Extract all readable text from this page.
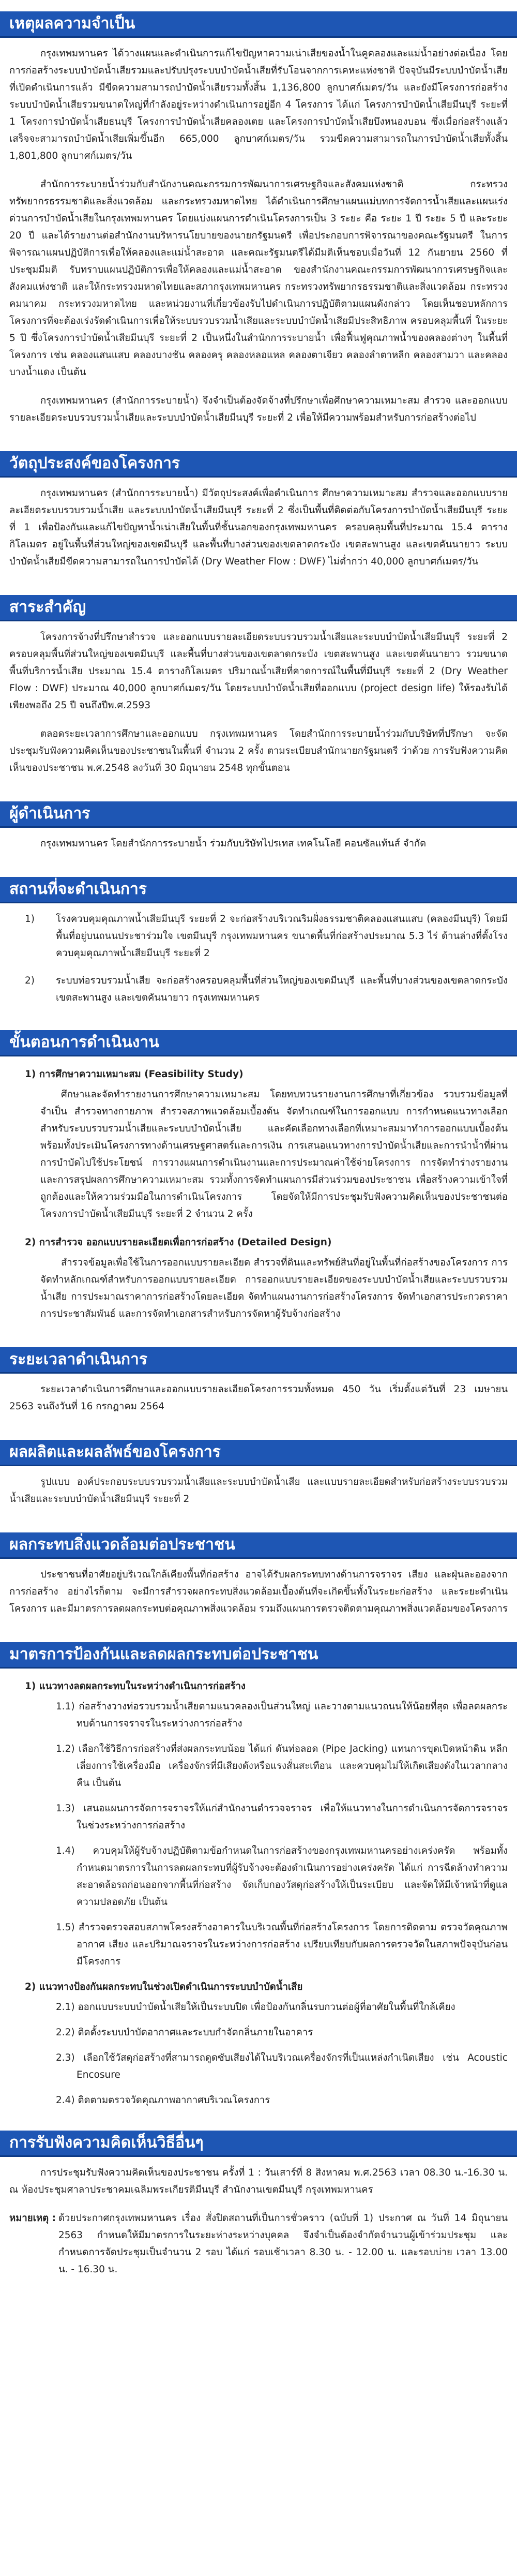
เหตุผลความจำเป็น

กรุงเทพมหานคร ได้วางแผนและดำเนินการแก้ไขปัญหาความเน่าเสียของน้ำในคูคลองและแม่น้ำอย่างต่อเนื่อง โดยการก่อสร้างระบบบำบัดน้ำเสียรวมและปรับปรุงระบบบำบัดน้ำเสียที่รับโอนจากการเคหะแห่งชาติ ปัจจุบันมีระบบบำบัดน้ำเสียที่เปิดดำเนินการแล้ว มีขีดความสามารถบำบัดน้ำเสียรวมทั้งสิ้น 1,136,800 ลูกบาศก์เมตร/วัน และยังมีโครงการก่อสร้างระบบบำบัดน้ำเสียรวมขนาดใหญ่ที่กำลังอยู่ระหว่างดำเนินการอยู่อีก 4 โครงการ ได้แก่ โครงการบำบัดน้ำเสียมีนบุรี ระยะที่ 1 โครงการบำบัดน้ำเสียธนบุรี โครงการบำบัดน้ำเสียคลองเตย และโครงการบำบัดน้ำเสียบึงหนองบอน ซึ่งเมื่อก่อสร้างแล้วเสร็จจะสามารถบำบัดน้ำเสียเพิ่มขึ้นอีก 665,000 ลูกบาศก์เมตร/วัน รวมขีดความสามารถในการบำบัดน้ำเสียทั้งสิ้น 1,801,800 ลูกบาศก์เมตร/วัน

สำนักการระบายน้ำร่วมกับสำนักงานคณะกรรมการพัฒนาการเศรษฐกิจและสังคมแห่งชาติ กระทรวงทรัพยากรธรรมชาติและสิ่งแวดล้อม และกระทรวงมหาดไทย ได้ดำเนินการศึกษาแผนแม่บทการจัดการน้ำเสียและแผนเร่งด่วนการบำบัดน้ำเสียในกรุงเทพมหานคร โดยแบ่งแผนการดำเนินโครงการเป็น 3 ระยะ คือ ระยะ 1 ปี ระยะ 5 ปี และระยะ 20 ปี และได้รายงานต่อสำนักงานบริหารนโยบายของนายกรัฐมนตรี เพื่อประกอบการพิจารณาของคณะรัฐมนตรี ในการพิจารณาแผนปฏิบัติการเพื่อให้คลองและแม่น้ำสะอาด และคณะรัฐมนตรีได้มีมติเห็นชอบเมื่อวันที่ 12 กันยายน 2560 ที่ประชุมมีมติ รับทราบแผนปฏิบัติการเพื่อให้คลองและแม่น้ำสะอาด ของสำนักงานคณะกรรมการพัฒนาการเศรษฐกิจและสังคมแห่งชาติ และให้กระทรวงมหาดไทยและสภากรุงเทพมหานคร กระทรวงทรัพยากรธรรมชาติและสิ่งแวดล้อม กระทรวงคมนาคม กระทรวงมหาดไทย และหน่วยงานที่เกี่ยวข้องรับไปดำเนินการปฏิบัติตามแผนดังกล่าว โดยเห็นชอบหลักการโครงการที่จะต้องเร่งรัดดำเนินการเพื่อให้ระบบรวบรวมน้ำเสียและระบบบำบัดน้ำเสียมีประสิทธิภาพ ครอบคลุมพื้นที่ ในระยะ 5 ปี ซึ่งโครงการบำบัดน้ำเสียมีนบุรี ระยะที่ 2 เป็นหนึ่งในสำนักการระบายน้ำ เพื่อฟื้นฟูคุณภาพน้ำของคลองต่างๆ ในพื้นที่โครงการ เช่น คลองแสนแสบ คลองบางชัน คลองครุ คลองหลอแหล คลองตาเจียว คลองลำตาหลีก คลองสามวา และคลองบางน้ำแดง เป็นต้น

กรุงเทพมหานคร (สำนักการระบายน้ำ) จึงจำเป็นต้องจัดจ้างที่ปรึกษาเพื่อศึกษาความเหมาะสม สำรวจ และออกแบบรายละเอียดระบบรวบรวมน้ำเสียและระบบบำบัดน้ำเสียมีนบุรี ระยะที่ 2 เพื่อให้มีความพร้อมสำหรับการก่อสร้างต่อไป

วัตถุประสงค์ของโครงการ

กรุงเทพมหานคร (สำนักการระบายน้ำ) มีวัตถุประสงค์เพื่อดำเนินการ ศึกษาความเหมาะสม สำรวจและออกแบบรายละเอียดระบบรวบรวมน้ำเสีย และระบบบำบัดน้ำเสียมีนบุรี ระยะที่ 2 ซึ่งเป็นพื้นที่ติดต่อกับโครงการบำบัดน้ำเสียมีนบุรี ระยะที่ 1 เพื่อป้องกันและแก้ไขปัญหาน้ำเน่าเสียในพื้นที่ชั้นนอกของกรุงเทพมหานคร ครอบคลุมพื้นที่ประมาณ 15.4 ตารางกิโลเมตร อยู่ในพื้นที่ส่วนใหญ่ของเขตมีนบุรี และพื้นที่บางส่วนของเขตลาดกระบัง เขตสะพานสูง และเขตคันนายาว ระบบบำบัดน้ำเสียมีขีดความสามารถในการบำบัดได้ (Dry Weather Flow : DWF) ไม่ต่ำกว่า 40,000 ลูกบาศก์เมตร/วัน

สาระสำคัญ

โครงการจ้างที่ปรึกษาสำรวจ และออกแบบรายละเอียดระบบรวบรวมน้ำเสียและระบบบำบัดน้ำเสียมีนบุรี ระยะที่ 2 ครอบคลุมพื้นที่ส่วนใหญ่ของเขตมีนบุรี และพื้นที่บางส่วนของเขตลาดกระบัง เขตสะพานสูง และเขตคันนายาว รวมขนาดพื้นที่บริการน้ำเสีย ประมาณ 15.4 ตารางกิโลเมตร ปริมาณน้ำเสียที่คาดการณ์ในพื้นที่มีนบุรี ระยะที่ 2 (Dry Weather Flow : DWF) ประมาณ 40,000 ลูกบาศก์เมตร/วัน โดยระบบบำบัดน้ำเสียที่ออกแบบ (project design life) ให้รองรับได้เพียงพอถึง 25 ปี จนถึงปีพ.ศ.2593

ตลอดระยะเวลาการศึกษาและออกแบบ กรุงเทพมหานคร โดยสำนักการระบายน้ำร่วมกับบริษัทที่ปรึกษา จะจัดประชุมรับฟังความคิดเห็นของประชาชนในพื้นที่ จำนวน 2 ครั้ง ตามระเบียบสำนักนายกรัฐมนตรี ว่าด้วย การรับฟังความคิดเห็นของประชาชน พ.ศ.2548 ลงวันที่ 30 มิถุนายน 2548 ทุกขั้นตอน

ผู้ดำเนินการ

กรุงเทพมหานคร โดยสำนักการระบายน้ำ ร่วมกับบริษัทไปรเทส เทคโนโลยี คอนซัลแท้นส์ จำกัด

สถานที่จะดำเนินการ
1)	โรงควบคุมคุณภาพน้ำเสียมีนบุรี ระยะที่ 2 จะก่อสร้างบริเวณริมฝั่งธรรมชาติคลองแสนแสบ (คลองมีนบุรี) โดยมีพื้นที่อยู่บนถนนประชาร่วมใจ เขตมีนบุรี กรุงเทพมหานคร ขนาดพื้นที่ก่อสร้างประมาณ 5.3 ไร่ ด้านล่างที่ตั้งโรงควบคุมคุณภาพน้ำเสียมีนบุรี ระยะที่ 2
2)	ระบบท่อรวบรวมน้ำเสีย จะก่อสร้างครอบคลุมพื้นที่ส่วนใหญ่ของเขตมีนบุรี และพื้นที่บางส่วนของเขตลาดกระบัง เขตสะพานสูง และเขตคันนายาว กรุงเทพมหานคร
ขั้นตอนการดำเนินงาน
1) การศึกษาความเหมาะสม (Feasibility Study)

ศึกษาและจัดทำรายงานการศึกษาความเหมาะสม โดยทบทวนรายงานการศึกษาที่เกี่ยวข้อง รวบรวมข้อมูลที่จำเป็น สำรวจทางกายภาพ สำรวจสภาพแวดล้อมเบื้องต้น จัดทำเกณฑ์ในการออกแบบ การกำหนดแนวทางเลือกสำหรับระบบรวบรวมน้ำเสียและระบบบำบัดน้ำเสีย และคัดเลือกทางเลือกที่เหมาะสมมาทำการออกแบบเบื้องต้น พร้อมทั้งประเมินโครงการทางด้านเศรษฐศาสตร์และการเงิน การเสนอแนวทางการบำบัดน้ำเสียและการนำน้ำที่ผ่านการบำบัดไปใช้ประโยชน์ การวางแผนการดำเนินงานและการประมาณค่าใช้จ่ายโครงการ การจัดทำร่างรายงาน และการสรุปผลการศึกษาความเหมาะสม รวมทั้งการจัดทำแผนการมีส่วนร่วมของประชาชน เพื่อสร้างความเข้าใจที่ถูกต้องและให้ความร่วมมือในการดำเนินโครงการ โดยจัดให้มีการประชุมรับฟังความคิดเห็นของประชาชนต่อโครงการบำบัดน้ำเสียมีนบุรี ระยะที่ 2 จำนวน 2 ครั้ง

2) การสำรวจ ออกแบบรายละเอียดเพื่อการก่อสร้าง (Detailed Design)

สำรวจข้อมูลเพื่อใช้ในการออกแบบรายละเอียด สำรวจที่ดินและทรัพย์สินที่อยู่ในพื้นที่ก่อสร้างของโครงการ การจัดทำหลักเกณฑ์สำหรับการออกแบบรายละเอียด การออกแบบรายละเอียดของระบบบำบัดน้ำเสียและระบบรวบรวมน้ำเสีย การประมาณราคาการก่อสร้างโดยละเอียด จัดทำแผนงานการก่อสร้างโครงการ จัดทำเอกสารประกวดราคา การประชาสัมพันธ์ และการจัดทำเอกสารสำหรับการจัดหาผู้รับจ้างก่อสร้าง

ระยะเวลาดำเนินการ

ระยะเวลาดำเนินการศึกษาและออกแบบรายละเอียดโครงการรวมทั้งหมด 450 วัน เริ่มตั้งแต่วันที่ 23 เมษายน 2563 จนถึงวันที่ 16 กรกฎาคม 2564

ผลผลิตและผลลัพธ์ของโครงการ

รูปแบบ องค์ประกอบระบบรวบรวมน้ำเสียและระบบบำบัดน้ำเสีย และแบบรายละเอียดสำหรับก่อสร้างระบบรวบรวมน้ำเสียและระบบบำบัดน้ำเสียมีนบุรี ระยะที่ 2

ผลกระทบสิ่งแวดล้อมต่อประชาชน

ประชาชนที่อาศัยอยู่บริเวณใกล้เคียงพื้นที่ก่อสร้าง อาจได้รับผลกระทบทางด้านการจราจร เสียง และฝุ่นละอองจากการก่อสร้าง อย่างไรก็ตาม จะมีการสำรวจผลกระทบสิ่งแวดล้อมเบื้องต้นที่จะเกิดขึ้นทั้งในระยะก่อสร้าง และระยะดำเนินโครงการ และมีมาตรการลดผลกระทบต่อคุณภาพสิ่งแวดล้อม รวมถึงแผนการตรวจติดตามคุณภาพสิ่งแวดล้อมของโครงการ

มาตรการป้องกันและลดผลกระทบต่อประชาชน
1) แนวทางลดผลกระทบในระหว่างดำเนินการก่อสร้าง
1.1) ก่อสร้างวางท่อรวบรวมน้ำเสียตามแนวคลองเป็นส่วนใหญ่ และวางตามแนวถนนให้น้อยที่สุด เพื่อลดผลกระทบด้านการจราจรในระหว่างการก่อสร้าง
1.2) เลือกใช้วิธีการก่อสร้างที่ส่งผลกระทบน้อย ได้แก่ ดันท่อลอด (Pipe Jacking) แทนการขุดเปิดหน้าดิน หลีกเลี่ยงการใช้เครื่องมือ เครื่องจักรที่มีเสียงดังหรือแรงสั่นสะเทือน และควบคุมไม่ให้เกิดเสียงดังในเวลากลางคืน เป็นต้น
1.3) เสนอแผนการจัดการจราจรให้แก่สำนักงานตำรวจจราจร เพื่อให้แนวทางในการดำเนินการจัดการจราจรในช่วงระหว่างการก่อสร้าง
1.4) ควบคุมให้ผู้รับจ้างปฏิบัติตามข้อกำหนดในการก่อสร้างของกรุงเทพมหานครอย่างเคร่งครัด พร้อมทั้งกำหนดมาตรการในการลดผลกระทบที่ผู้รับจ้างจะต้องดำเนินการอย่างเคร่งครัด ได้แก่ การฉีดล้างทำความสะอาดล้อรถก่อนออกจากพื้นที่ก่อสร้าง จัดเก็บกองวัสดุก่อสร้างให้เป็นระเบียบ และจัดให้มีเจ้าหน้าที่ดูแลความปลอดภัย เป็นต้น
1.5) สำรวจตรวจสอบสภาพโครงสร้างอาคารในบริเวณพื้นที่ก่อสร้างโครงการ โดยการติดตาม ตรวจวัดคุณภาพอากาศ เสียง และปริมาณจราจรในระหว่างการก่อสร้าง เปรียบเทียบกับผลการตรวจวัดในสภาพปัจจุบันก่อนมีโครงการ
2) แนวทางป้องกันผลกระทบในช่วงเปิดดำเนินการระบบบำบัดน้ำเสีย
2.1) ออกแบบระบบบำบัดน้ำเสียให้เป็นระบบปิด เพื่อป้องกันกลิ่นรบกวนต่อผู้ที่อาศัยในพื้นที่ใกล้เคียง
2.2) ติดตั้งระบบบำบัดอากาศและระบบกำจัดกลิ่นภายในอาคาร
2.3) เลือกใช้วัสดุก่อสร้างที่สามารถดูดซับเสียงได้ในบริเวณเครื่องจักรที่เป็นแหล่งกำเนิดเสียง เช่น Acoustic Encosure
2.4) ติดตามตรวจวัดคุณภาพอากาศบริเวณโครงการ
การรับฟังความคิดเห็นวิธีอื่นๆ

การประชุมรับฟังความคิดเห็นของประชาชน ครั้งที่ 1 : วันเสาร์ที่ 8 สิงหาคม พ.ศ.2563 เวลา 08.30 น.-16.30 น. ณ ห้องประชุมศาลาประชาคมเฉลิมพระเกียรติมีนบุรี สำนักงานเขตมีนบุรี กรุงเทพมหานคร

หมายเหตุ : ด้วยประกาศกรุงเทพมหานคร เรื่อง สั่งปิดสถานที่เป็นการชั่วคราว (ฉบับที่ 1) ประกาศ ณ วันที่ 14 มิถุนายน 2563 กำหนดให้มีมาตรการในระยะห่างระหว่างบุคคล จึงจำเป็นต้องจำกัดจำนวนผู้เข้าร่วมประชุม และกำหนดการจัดประชุมเป็นจำนวน 2 รอบ ได้แก่ รอบเช้าเวลา 8.30 น. - 12.00 น. และรอบบ่าย เวลา 13.00 น. - 16.30 น.
